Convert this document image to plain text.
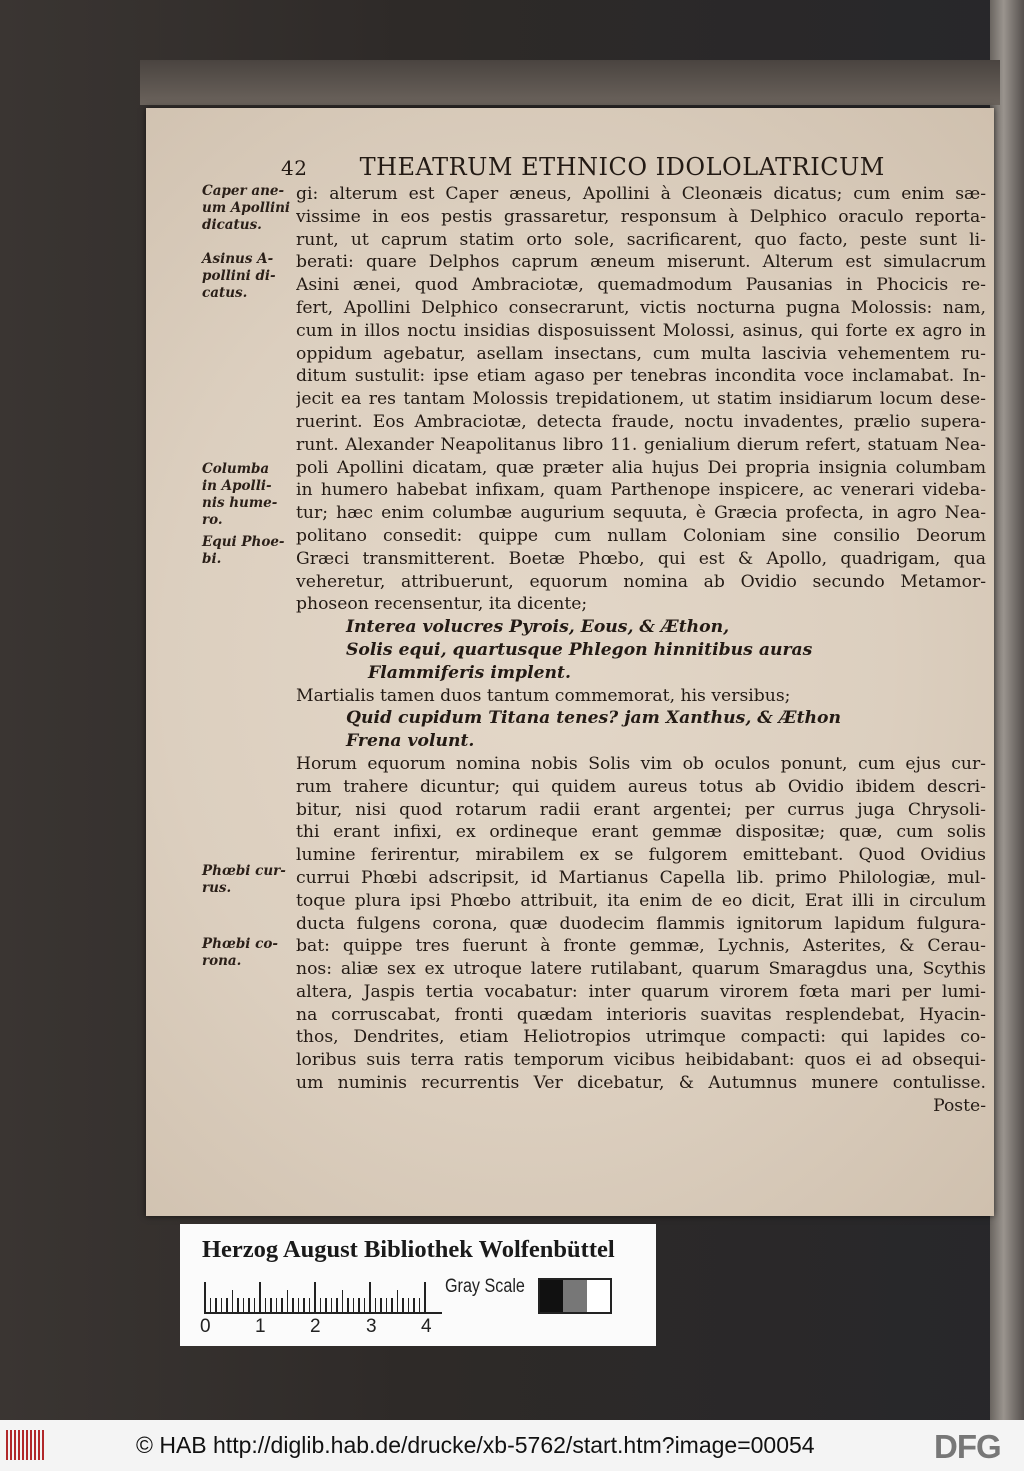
42 THEATRUM ETHNICO IDOLOLATRICUM
Caper ane-
um Apollini
dicatus.
Asinus A-
pollini di-
catus.
Columba
in Apolli-
nis hume-
ro.
Equi Phoe-
bi.
Phœbi cur-
rus.
Phœbi co-
rona.
gi: alterum est Caper æneus, Apollini à Cleonæis dicatus; cum enim sæ-
vissime in eos pestis grassaretur, responsum à Delphico oraculo reporta-
runt, ut caprum statim orto sole, sacrificarent, quo facto, peste sunt li-
berati: quare Delphos caprum æneum miserunt. Alterum est simulacrum
Asini ænei, quod Ambraciotæ, quemadmodum Pausanias in Phocicis re-
fert, Apollini Delphico consecrarunt, victis nocturna pugna Molossis: nam,
cum in illos noctu insidias disposuissent Molossi, asinus, qui forte ex agro in
oppidum agebatur, asellam insectans, cum multa lascivia vehementem ru-
ditum sustulit: ipse etiam agaso per tenebras incondita voce inclamabat. In-
jecit ea res tantam Molossis trepidationem, ut statim insidiarum locum dese-
ruerint. Eos Ambraciotæ, detecta fraude, noctu invadentes, prælio supera-
runt. Alexander Neapolitanus libro 11. genialium dierum refert, statuam Nea-
poli Apollini dicatam, quæ præter alia hujus Dei propria insignia columbam
in humero habebat infixam, quam Parthenope inspicere, ac venerari videba-
tur; hæc enim columbæ augurium sequuta, è Græcia profecta, in agro Nea-
politano consedit: quippe cum nullam Coloniam sine consilio Deorum
Græci transmitterent. Boetæ Phœbo, qui est & Apollo, quadrigam, qua
veheretur, attribuerunt, equorum nomina ab Ovidio secundo Metamor-
phoseon recensentur, ita dicente;
Interea volucres Pyrois, Eous, & Æthon,
Solis equi, quartusque Phlegon hinnitibus auras
Flammiferis implent.
Martialis tamen duos tantum commemorat, his versibus;
Quid cupidum Titana tenes? jam Xanthus, & Æthon
Frena volunt.
Horum equorum nomina nobis Solis vim ob oculos ponunt, cum ejus cur-
rum trahere dicuntur; qui quidem aureus totus ab Ovidio ibidem descri-
bitur, nisi quod rotarum radii erant argentei; per currus juga Chrysoli-
thi erant infixi, ex ordineque erant gemmæ dispositæ; quæ, cum solis
lumine ferirentur, mirabilem ex se fulgorem emittebant. Quod Ovidius
currui Phœbi adscripsit, id Martianus Capella lib. primo Philologiæ, mul-
toque plura ipsi Phœbo attribuit, ita enim de eo dicit, Erat illi in circulum
ducta fulgens corona, quæ duodecim flammis ignitorum lapidum fulgura-
bat: quippe tres fuerunt à fronte gemmæ, Lychnis, Asterites, & Cerau-
nos: aliæ sex ex utroque latere rutilabant, quarum Smaragdus una, Scythis
altera, Jaspis tertia vocabatur: inter quarum virorem fœta mari per lumi-
na corruscabat, fronti quædam interioris suavitas resplendebat, Hyacin-
thos, Dendrites, etiam Heliotropios utrimque compacti: qui lapides co-
loribus suis terra ratis temporum vicibus heibidabant: quos ei ad obsequi-
um numinis recurrentis Ver dicebatur, & Autumnus munere contulisse.
Poste-
Herzog August Bibliothek Wolfenbüttel
0 1 2 3 4
Gray Scale
© HAB http://diglib.hab.de/drucke/xb-5762/start.htm?image=00054	DFG
